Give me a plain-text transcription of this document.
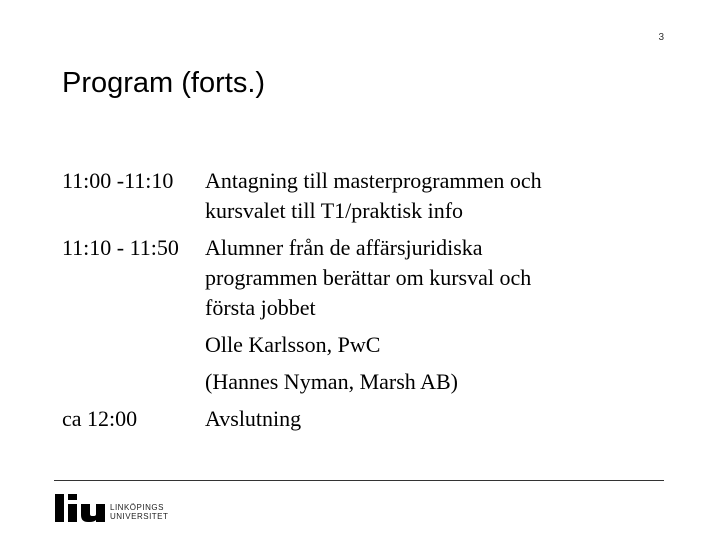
3
Program (forts.)
11:00 -11:10	Antagning till masterprogrammen och
kursvalet till T1/praktisk info
11:10 - 11:50	Alumner från de affärsjuridiska
programmen berättar om kursval och
första jobbet
Olle Karlsson, PwC
(Hannes Nyman, Marsh AB)
ca 12:00	Avslutning
LINKÖPINGS
UNIVERSITET
